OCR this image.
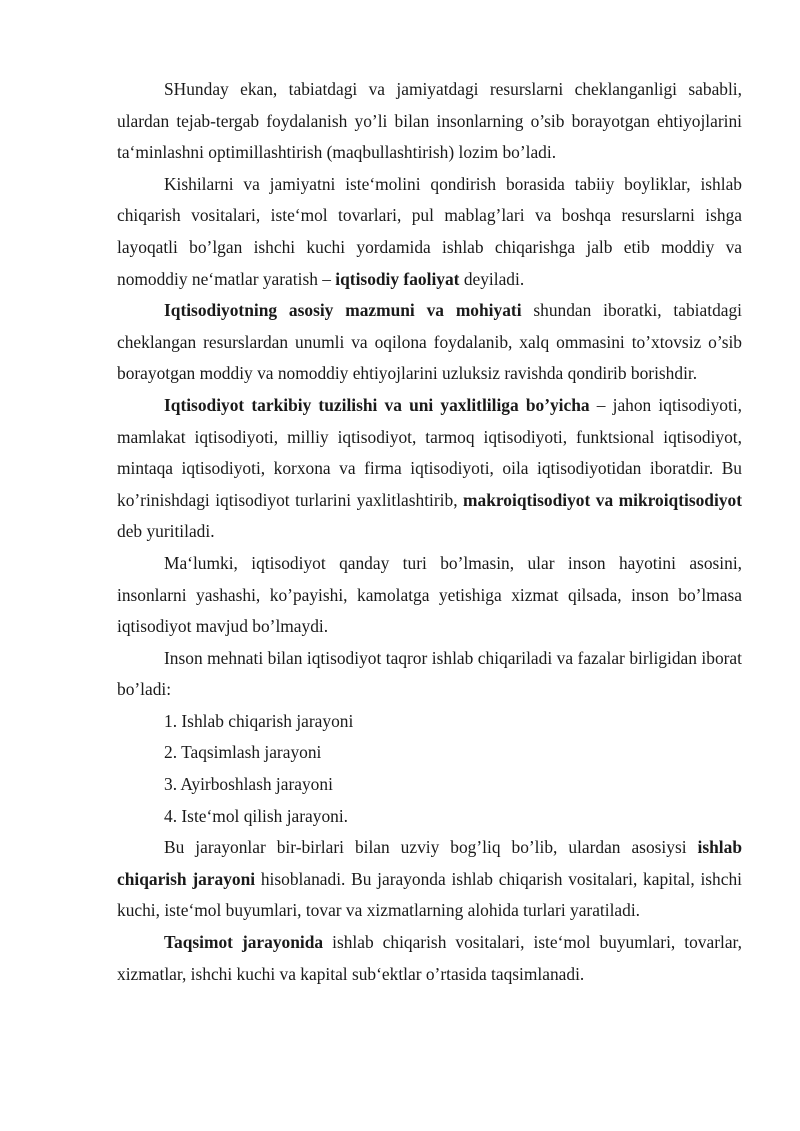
SHunday ekan, tabiatdagi va jamiyatdagi resurslarni cheklanganligi sababli, ulardan tejab-tergab foydalanish yo’li bilan insonlarning o’sib borayotgan ehtiyojlarini ta‘minlashni optimillashtirish (maqbullashtirish) lozim bo’ladi.

Kishilarni va jamiyatni iste‘molini qondirish borasida tabiiy boyliklar, ishlab chiqarish vositalari, iste‘mol tovarlari, pul mablag’lari va boshqa resurslarni ishga layoqatli bo’lgan ishchi kuchi yordamida ishlab chiqarishga jalb etib moddiy va nomoddiy ne‘matlar yaratish – iqtisodiy faoliyat deyiladi.

Iqtisodiyotning asosiy mazmuni va mohiyati shundan iboratki, tabiatdagi cheklangan resurslardan unumli va oqilona foydalanib, xalq ommasini to’xtovsiz o’sib borayotgan moddiy va nomoddiy ehtiyojlarini uzluksiz ravishda qondirib borishdir.

Iqtisodiyot tarkibiy tuzilishi va uni yaxlitliliga bo’yicha – jahon iqtisodiyoti, mamlakat iqtisodiyoti, milliy iqtisodiyot, tarmoq iqtisodiyoti, funktsional iqtisodiyot, mintaqa iqtisodiyoti, korxona va firma iqtisodiyoti, oila iqtisodiyotidan iboratdir. Bu ko’rinishdagi iqtisodiyot turlarini yaxlitlashtirib, makroiqtisodiyot va mikroiqtisodiyot deb yuritiladi.

Ma‘lumki, iqtisodiyot qanday turi bo’lmasin, ular inson hayotini asosini, insonlarni yashashi, ko’payishi, kamolatga yetishiga xizmat qilsada, inson bo’lmasa iqtisodiyot mavjud bo’lmaydi.

Inson mehnati bilan iqtisodiyot taqror ishlab chiqariladi va fazalar birligidan iborat bo’ladi:

1. Ishlab chiqarish jarayoni

2. Taqsimlash jarayoni

3. Ayirboshlash jarayoni

4. Iste‘mol qilish jarayoni.

Bu jarayonlar bir-birlari bilan uzviy bog’liq bo’lib, ulardan asosiysi ishlab chiqarish jarayoni hisoblanadi. Bu jarayonda ishlab chiqarish vositalari, kapital, ishchi kuchi, iste‘mol buyumlari, tovar va xizmatlarning alohida turlari yaratiladi.

Taqsimot jarayonida ishlab chiqarish vositalari, iste‘mol buyumlari, tovarlar, xizmatlar, ishchi kuchi va kapital sub‘ektlar o’rtasida taqsimlanadi.
